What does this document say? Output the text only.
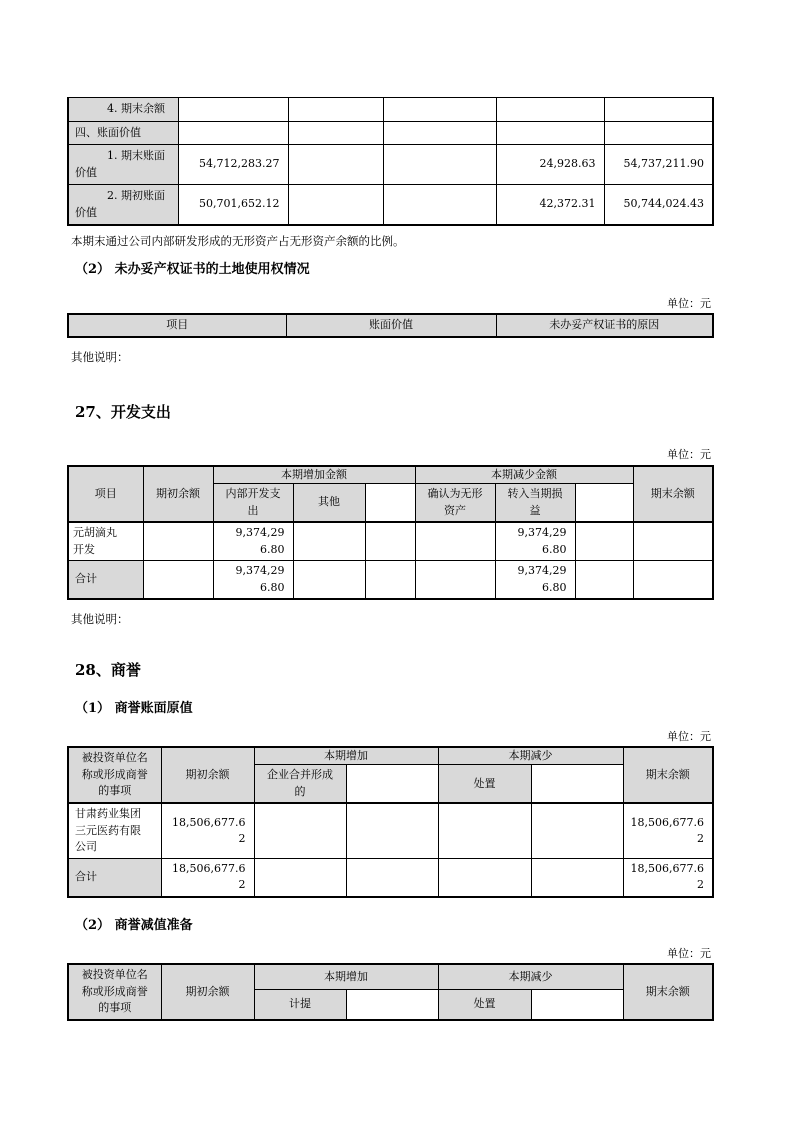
4. 期末余额					
四、账面价值					
1. 期末账面价值	54,712,283.27			24,928.63	54,737,211.90
2. 期初账面价值	50,701,652.12			42,372.31	50,744,024.43

本期末通过公司内部研发形成的无形资产占无形资产余额的比例。

（2） 未办妥产权证书的土地使用权情况

单位：元

项目	账面价值	未办妥产权证书的原因

其他说明：

27、开发支出

单位：元

项目	期初余额	本期增加金额			本期减少金额			期末余额
		内部开发支出	其他		确认为无形资产	转入当期损益		
元胡滴丸开发		9,374,296.80				9,374,296.80		
合计		9,374,296.80				9,374,296.80		

其他说明：

28、商誉

（1） 商誉账面原值

单位：元

被投资单位名称或形成商誉的事项	期初余额	本期增加		本期减少		期末余额
		企业合并形成的		处置		
甘肃药业集团三元医药有限公司	18,506,677.62					18,506,677.62
合计	18,506,677.62					18,506,677.62

（2） 商誉减值准备

单位：元

被投资单位名称或形成商誉的事项	期初余额	本期增加		本期减少		期末余额
		计提		处置		
